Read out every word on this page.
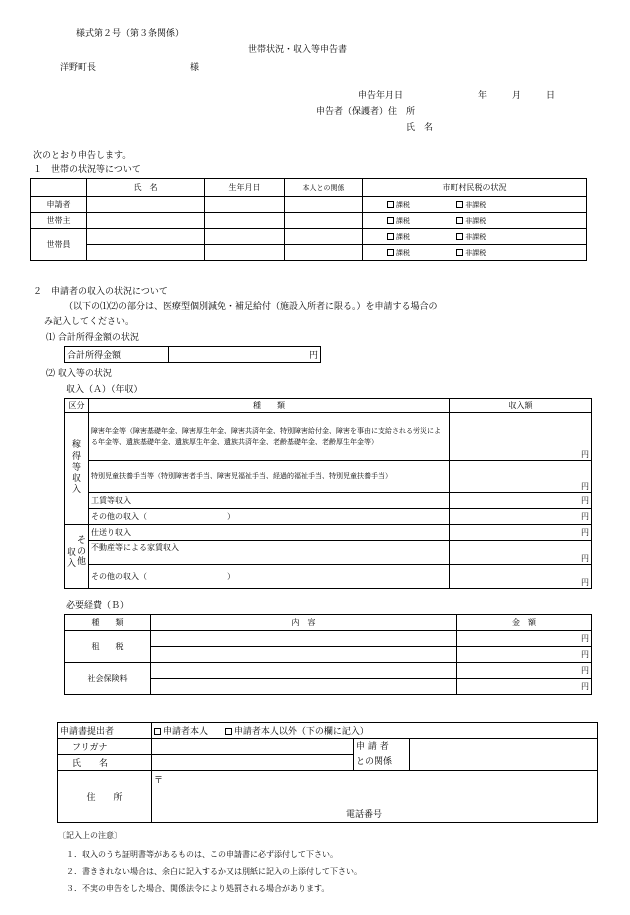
様式第２号（第３条関係）
世帯状況・収入等申告書
洋野町長	様
申告年月日	年	月	日
申告者（保護者）住　所
氏　名
次のとおり申告します。
１　世帯の状況等について
	氏　名	生年月日	本人との関係	市町村民税の状況
申請者				課税 非課税
世帯主				課税 非課税
世帯員				課税 非課税
				課税 非課税
２　申請者の収入の状況について
（以下の⑴⑵の部分は、医療型個別減免・補足給付（施設入所者に限る。）を申請する場合の
み記入してください。
⑴ 合計所得金額の状況
合計所得金額	円
⑵ 収入等の状況
収入（Ａ）（年収）
区分	種　　類	収入額

稼得等収入	障害年金等（障害基礎年金、障害厚生年金、障害共済年金、特別障害給付金、障害を事由に支給される労災による年金等、遺族基礎年金、遺族厚生年金、遺族共済年金、老齢基礎年金、老齢厚生年金等）	円
	特別児童扶養手当等（特別障害者手当、障害児福祉手当、経過的福祉手当、特別児童扶養手当）	円
	工賃等収入	円
	その他の収入（　　　　　　　　　　）	円

その他
収入	仕送り収入	円
	不動産等による家賃収入	円
	その他の収入（　　　　　　　　　　）	円
必要経費（Ｂ）
種　　類	内　容	金　額
租　　税		円
		円
社会保険料		円
		円
申請書提出者	申請者本人 申請者本人以外（下の欄に記入）		
フリガナ		申 請 者
との関係	

氏　　名			
住　　所	〒
電話番号		
〔記入上の注意〕
１．収入のうち証明書等があるものは、この申請書に必ず添付して下さい。
２．書ききれない場合は、余白に記入するか又は別紙に記入の上添付して下さい。
３．不実の申告をした場合、関係法令により処罰される場合があります。
